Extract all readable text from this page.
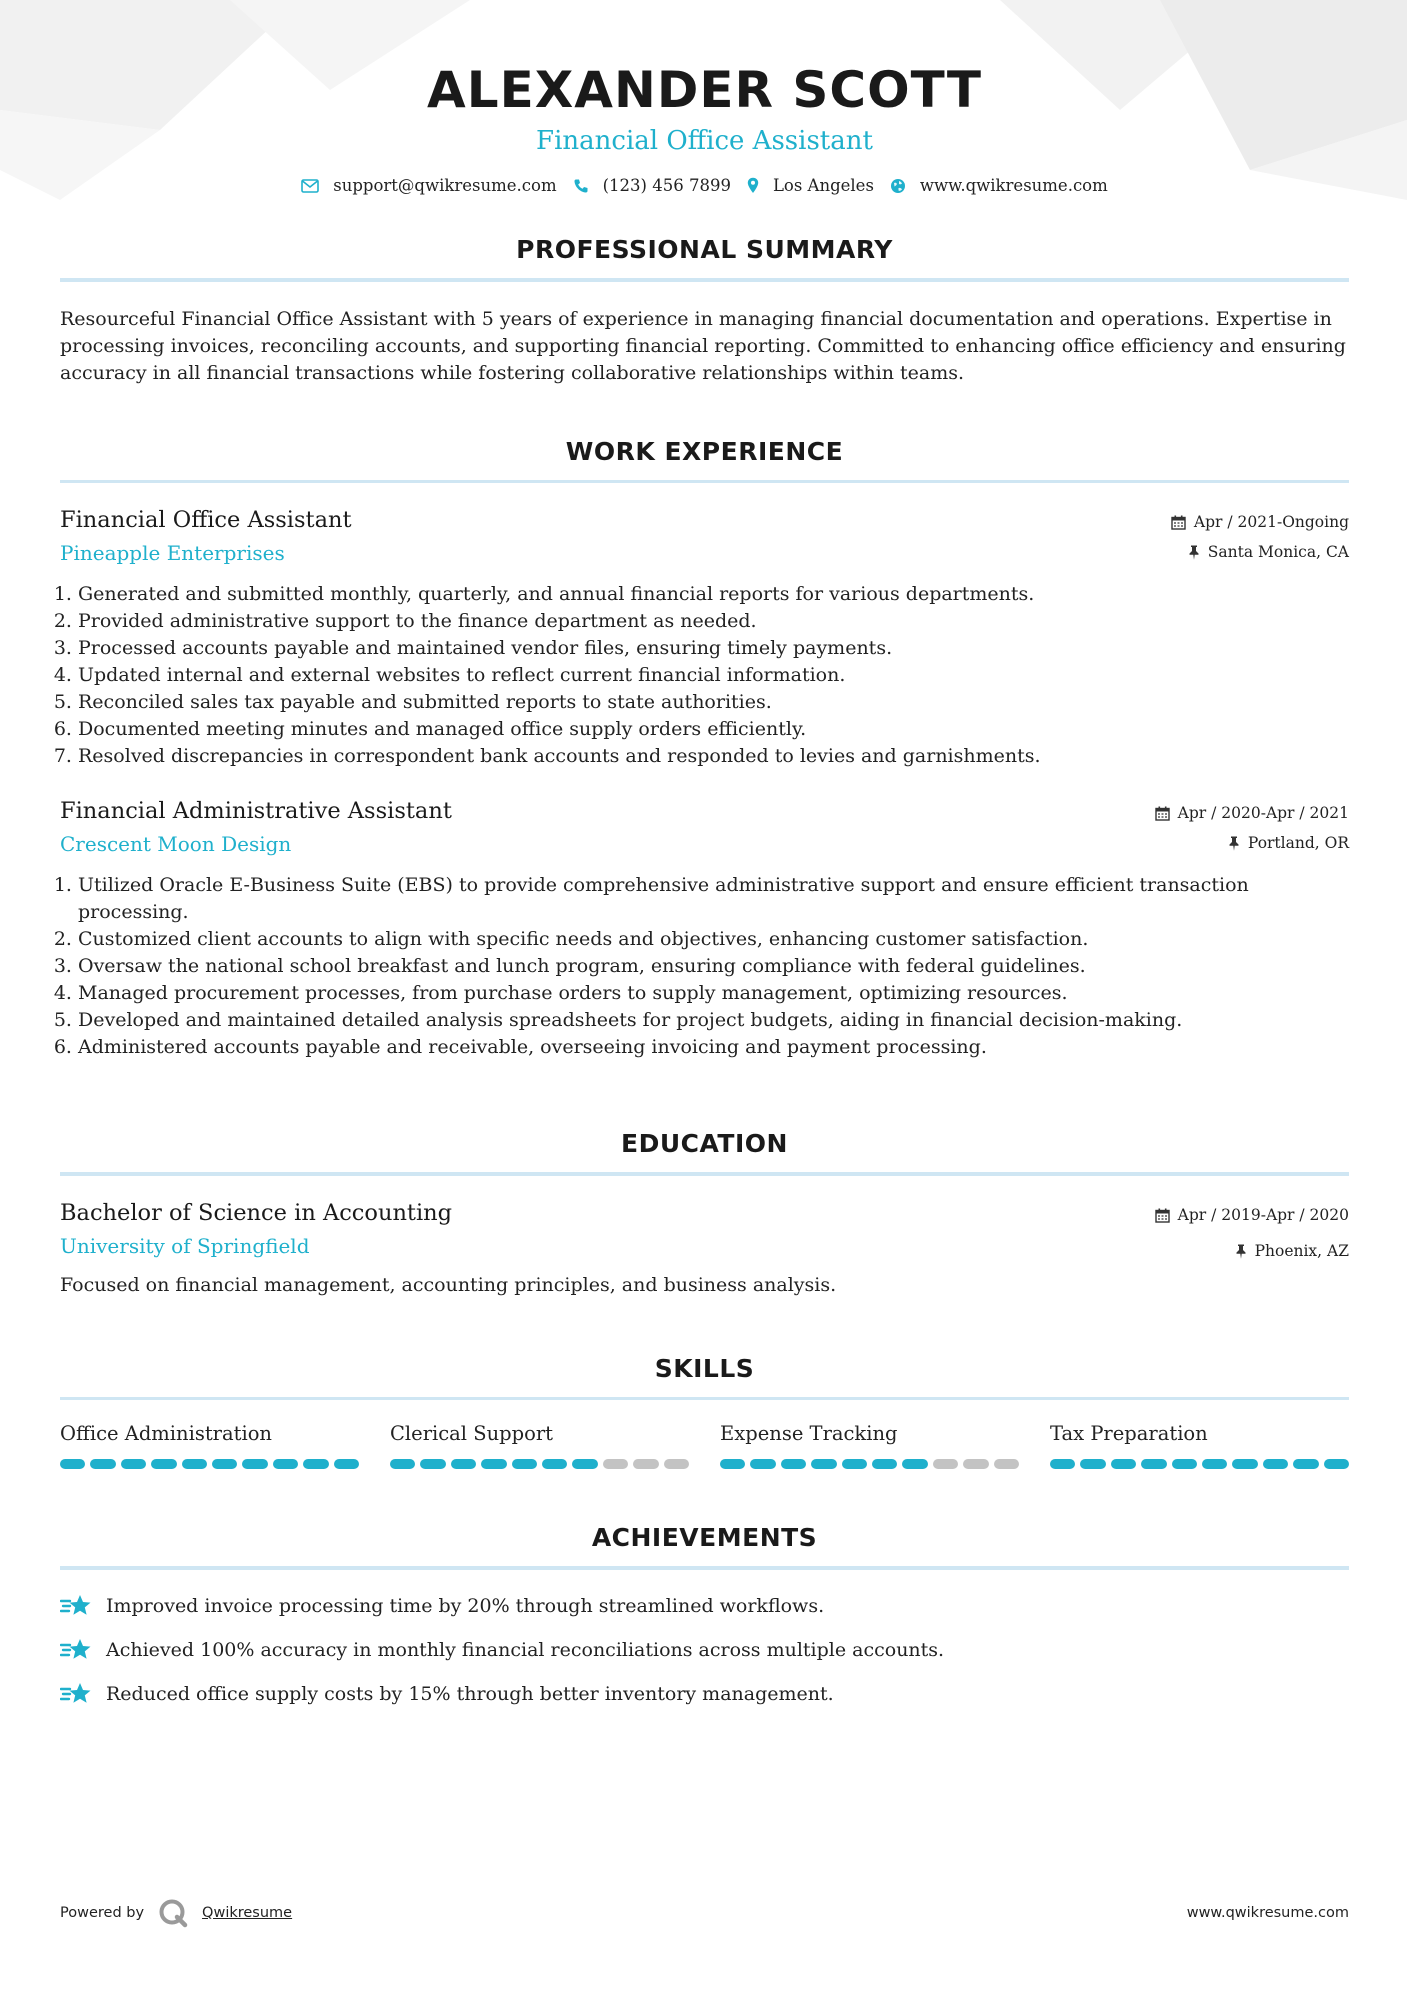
ALEXANDER SCOTT
Financial Office Assistant
support@qwikresume.com	(123) 456 7899	Los Angeles	www.qwikresume.com
PROFESSIONAL SUMMARY
Resourceful Financial Office Assistant with 5 years of experience in managing financial documentation and operations. Expertise in processing invoices, reconciling accounts, and supporting financial reporting. Committed to enhancing office efficiency and ensuring accuracy in all financial transactions while fostering collaborative relationships within teams.
WORK EXPERIENCE
Financial Office Assistant
Pineapple Enterprises
Apr / 2021-Ongoing
Santa Monica, CA
1. Generated and submitted monthly, quarterly, and annual financial reports for various departments.
2. Provided administrative support to the finance department as needed.
3. Processed accounts payable and maintained vendor files, ensuring timely payments.
4. Updated internal and external websites to reflect current financial information.
5. Reconciled sales tax payable and submitted reports to state authorities.
6. Documented meeting minutes and managed office supply orders efficiently.
7. Resolved discrepancies in correspondent bank accounts and responded to levies and garnishments.
Financial Administrative Assistant
Crescent Moon Design
Apr / 2020-Apr / 2021
Portland, OR
1. Utilized Oracle E-Business Suite (EBS) to provide comprehensive administrative support and ensure efficient transaction processing.
2. Customized client accounts to align with specific needs and objectives, enhancing customer satisfaction.
3. Oversaw the national school breakfast and lunch program, ensuring compliance with federal guidelines.
4. Managed procurement processes, from purchase orders to supply management, optimizing resources.
5. Developed and maintained detailed analysis spreadsheets for project budgets, aiding in financial decision-making.
6. Administered accounts payable and receivable, overseeing invoicing and payment processing.
EDUCATION
Bachelor of Science in Accounting
University of Springfield
Apr / 2019-Apr / 2020
Phoenix, AZ
Focused on financial management, accounting principles, and business analysis.
SKILLS
Office Administration	Clerical Support	Expense Tracking	Tax Preparation
ACHIEVEMENTS
Improved invoice processing time by 20% through streamlined workflows.
Achieved 100% accuracy in monthly financial reconciliations across multiple accounts.
Reduced office supply costs by 15% through better inventory management.
Powered by	Qwikresume	www.qwikresume.com
